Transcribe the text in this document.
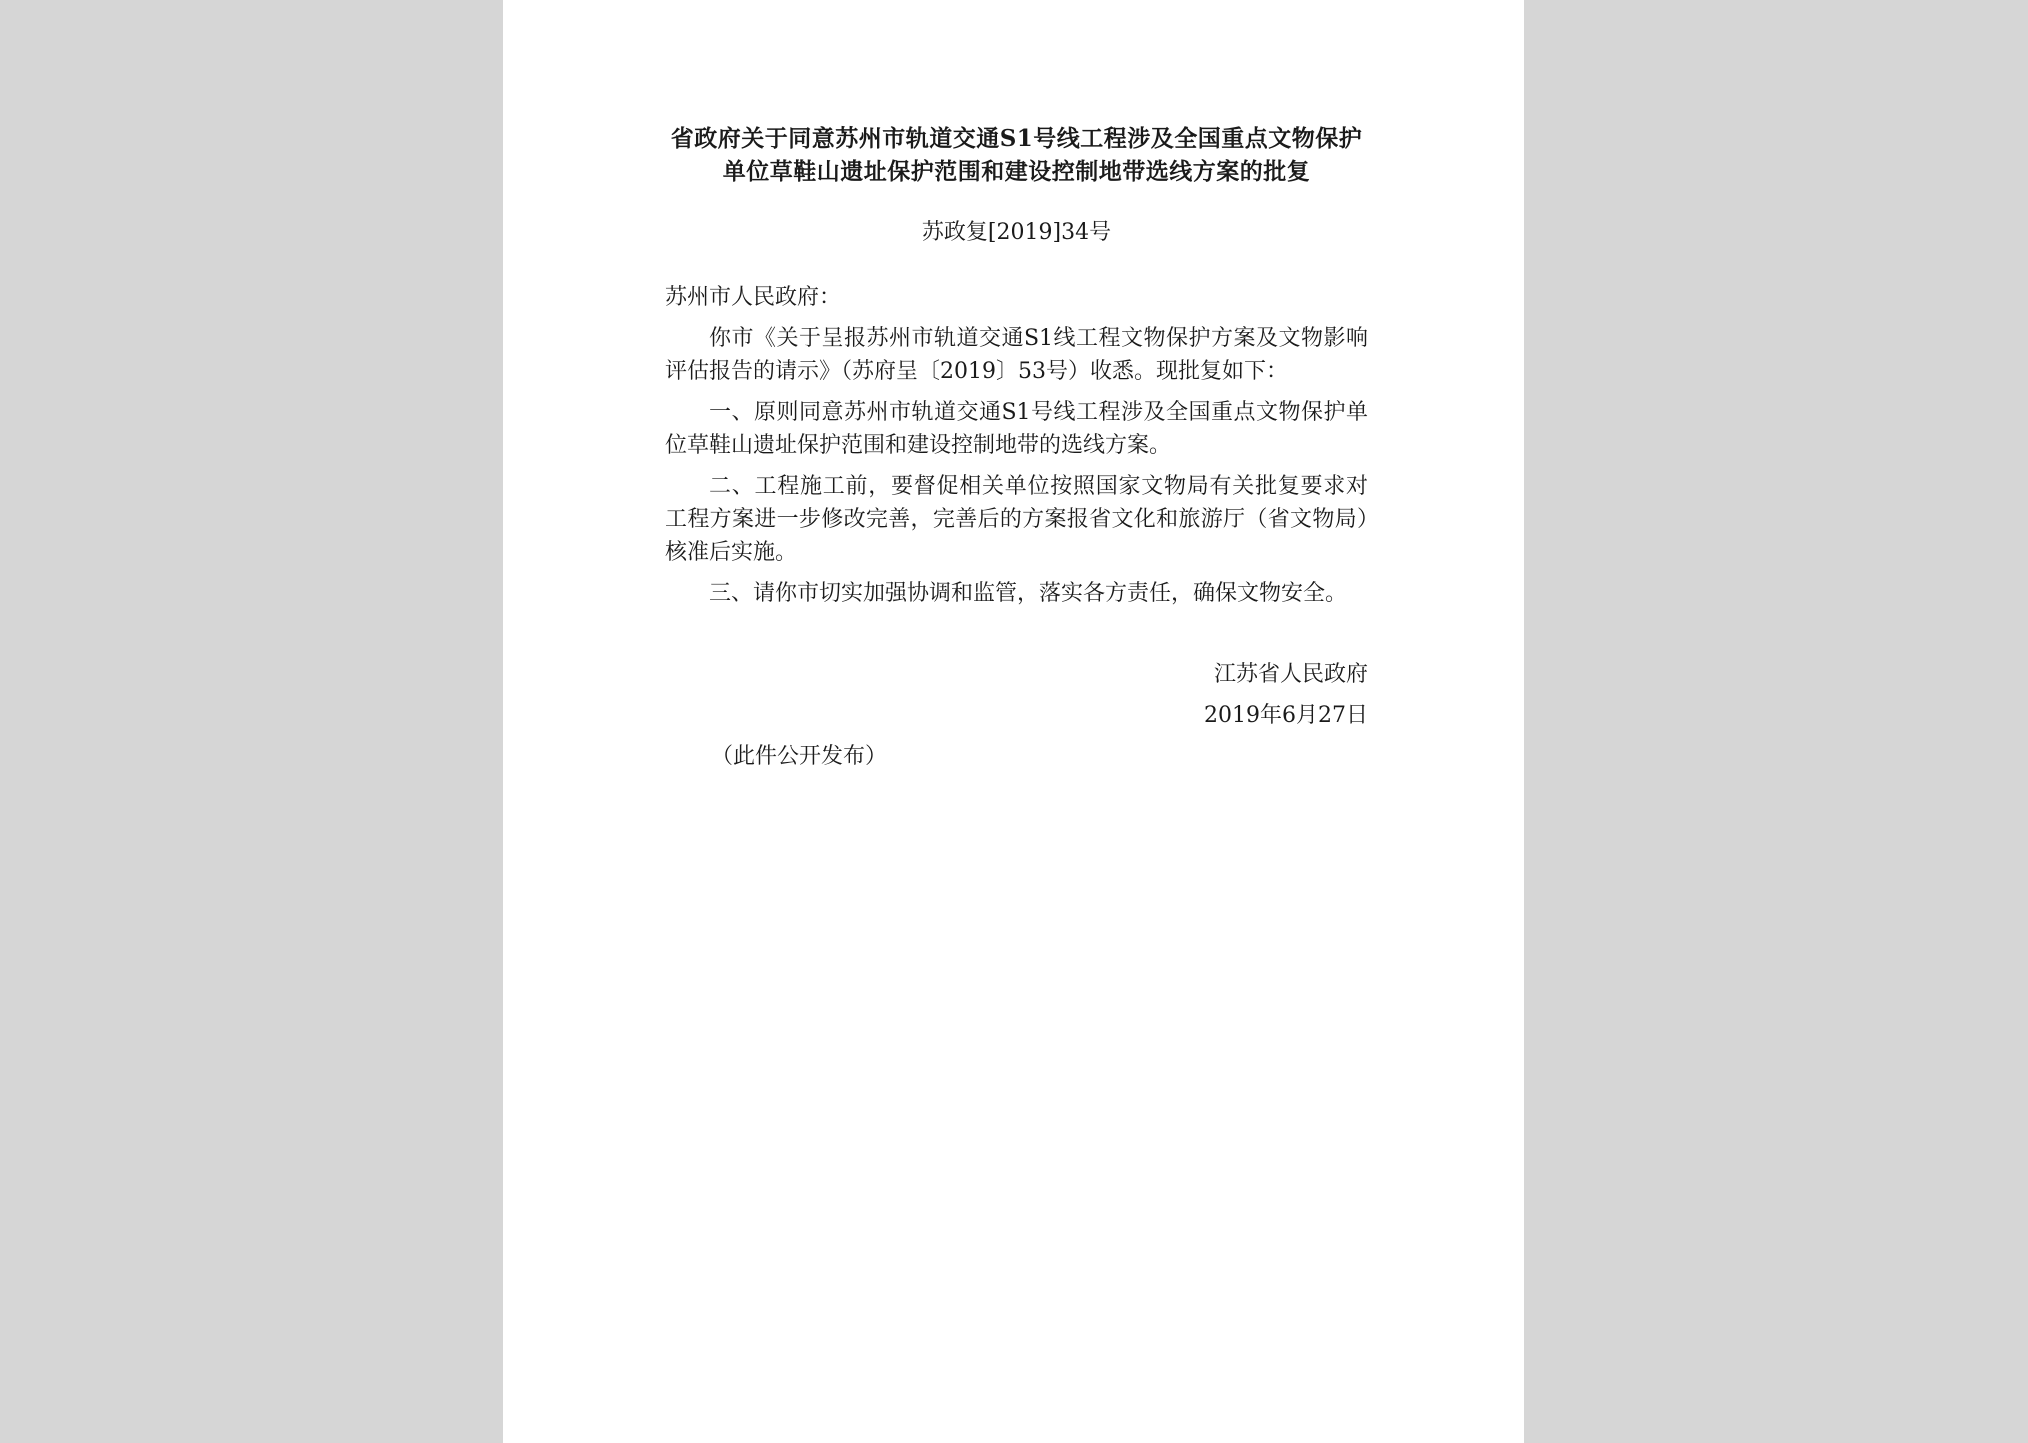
省政府关于同意苏州市轨道交通S1号线工程涉及全国重点文物保护单位草鞋山遗址保护范围和建设控制地带选线方案的批复
苏政复[2019]34号
苏州市人民政府：

你市《关于呈报苏州市轨道交通S1线工程文物保护方案及文物影响评估报告的请示》（苏府呈〔2019〕53号）收悉。现批复如下：

一、原则同意苏州市轨道交通S1号线工程涉及全国重点文物保护单位草鞋山遗址保护范围和建设控制地带的选线方案。

二、工程施工前，要督促相关单位按照国家文物局有关批复要求对工程方案进一步修改完善，完善后的方案报省文化和旅游厅（省文物局）核准后实施。

三、请你市切实加强协调和监管，落实各方责任，确保文物安全。

江苏省人民政府
2019年6月27日
（此件公开发布）
